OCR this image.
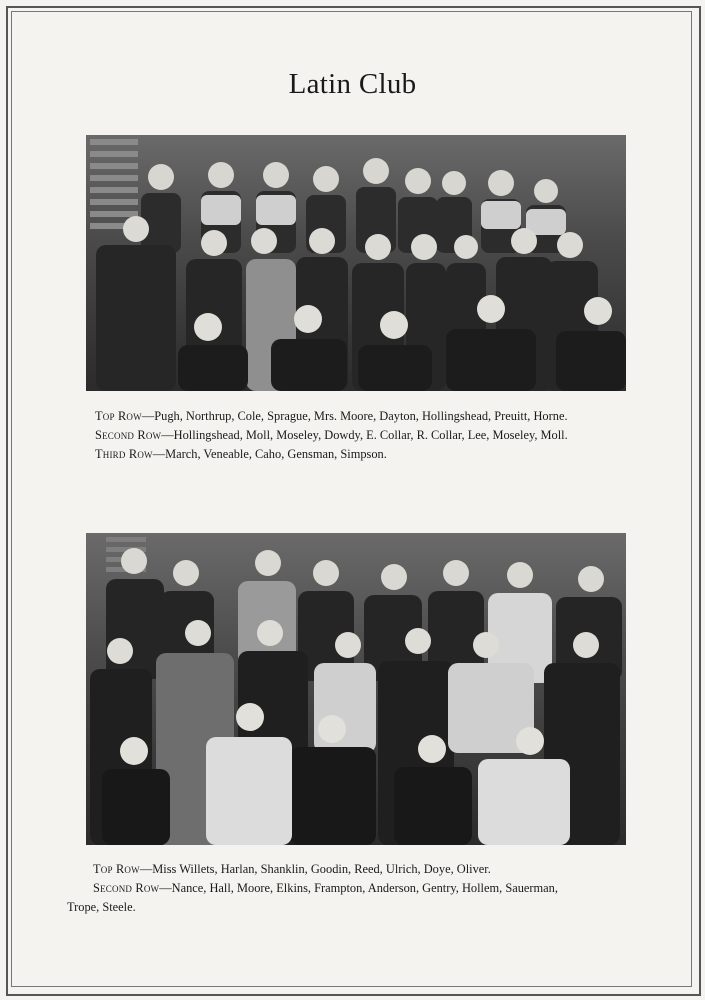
Latin Club
Top Row—Pugh, Northrup, Cole, Sprague, Mrs. Moore, Dayton, Hollingshead, Preuitt, Horne.
Second Row—Hollingshead, Moll, Moseley, Dowdy, E. Collar, R. Collar, Lee, Moseley, Moll.
Third Row—March, Veneable, Caho, Gensman, Simpson.
Top Row—Miss Willets, Harlan, Shanklin, Goodin, Reed, Ulrich, Doye, Oliver.
Second Row—Nance, Hall, Moore, Elkins, Frampton, Anderson, Gentry, Hollem, Sauerman,
Trope, Steele.
